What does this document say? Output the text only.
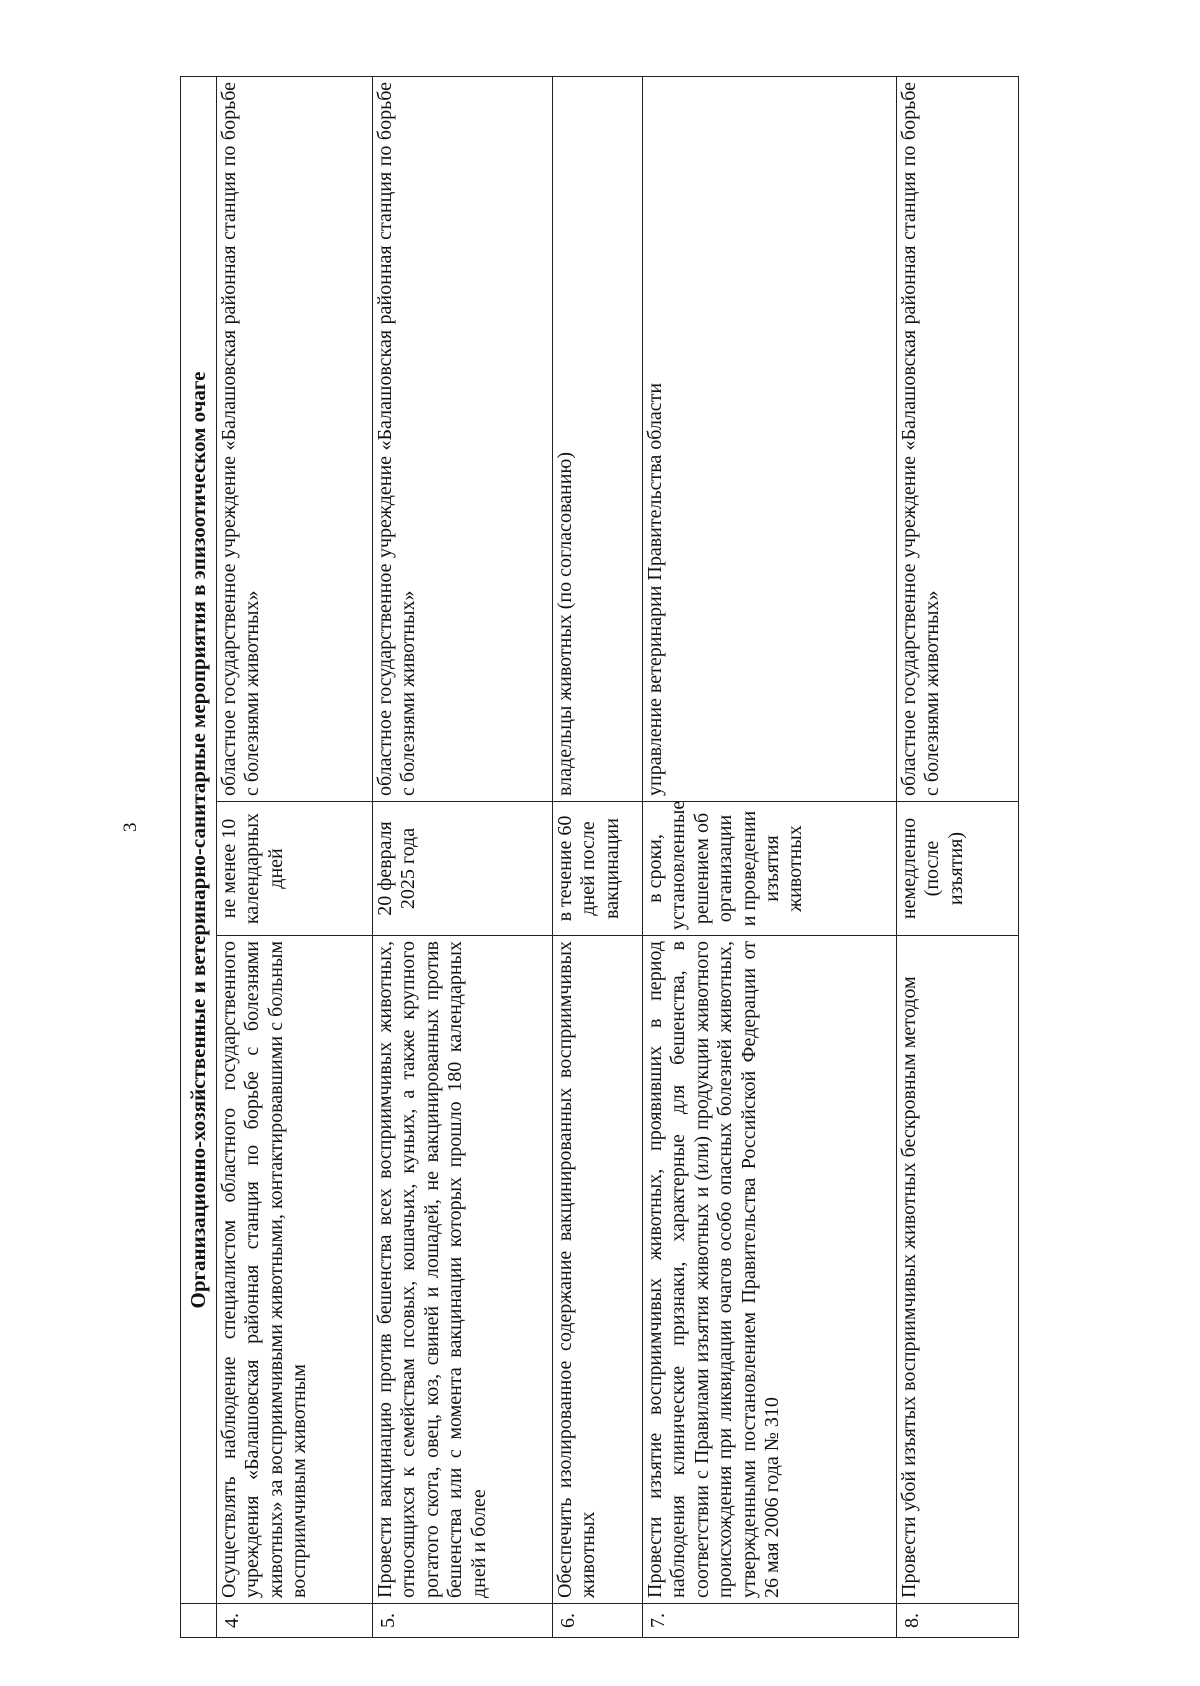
3
	Организационно-хозяйственные и ветеринарно-санитарные мероприятия в эпизоотическом очаге		
4.	Осуществлять наблюдение специалистом областного государственного учреждения «Балашовская районная станция по борьбе с болезнями животных» за восприимчивыми животными, контактировавшими с больным восприимчивым животным	не менее 10 календарных дней	областное государственное учреждение «Балашовская районная станция по борьбе с болезнями животных»
5.	Провести вакцинацию против бешенства всех восприимчивых животных, относящихся к семействам псовых, кошачьих, куньих, а также крупного рогатого скота, овец, коз, свиней и лошадей, не вакцинированных против бешенства или с момента вакцинации которых прошло 180 календарных дней и более	20 февраля 2025 года	областное государственное учреждение «Балашовская районная станция по борьбе с болезнями животных»
6.	Обеспечить изолированное содержание вакцинированных восприимчивых животных	в течение 60 дней после вакцинации	владельцы животных (по согласованию)
7.	Провести изъятие восприимчивых животных, проявивших в период наблюдения клинические признаки, характерные для бешенства, в соответствии с Правилами изъятия животных и (или) продукции животного происхождения при ликвидации очагов особо опасных болезней животных, утвержденными постановлением Правительства Российской Федерации от 26 мая 2006 года № 310	в сроки, установленные решением об организации и проведении изъятия животных	управление ветеринарии Правительства области
8.	Провести убой изъятых восприимчивых животных бескровным методом	немедленно (после изъятия)	областное государственное учреждение «Балашовская районная станция по борьбе с болезнями животных»
